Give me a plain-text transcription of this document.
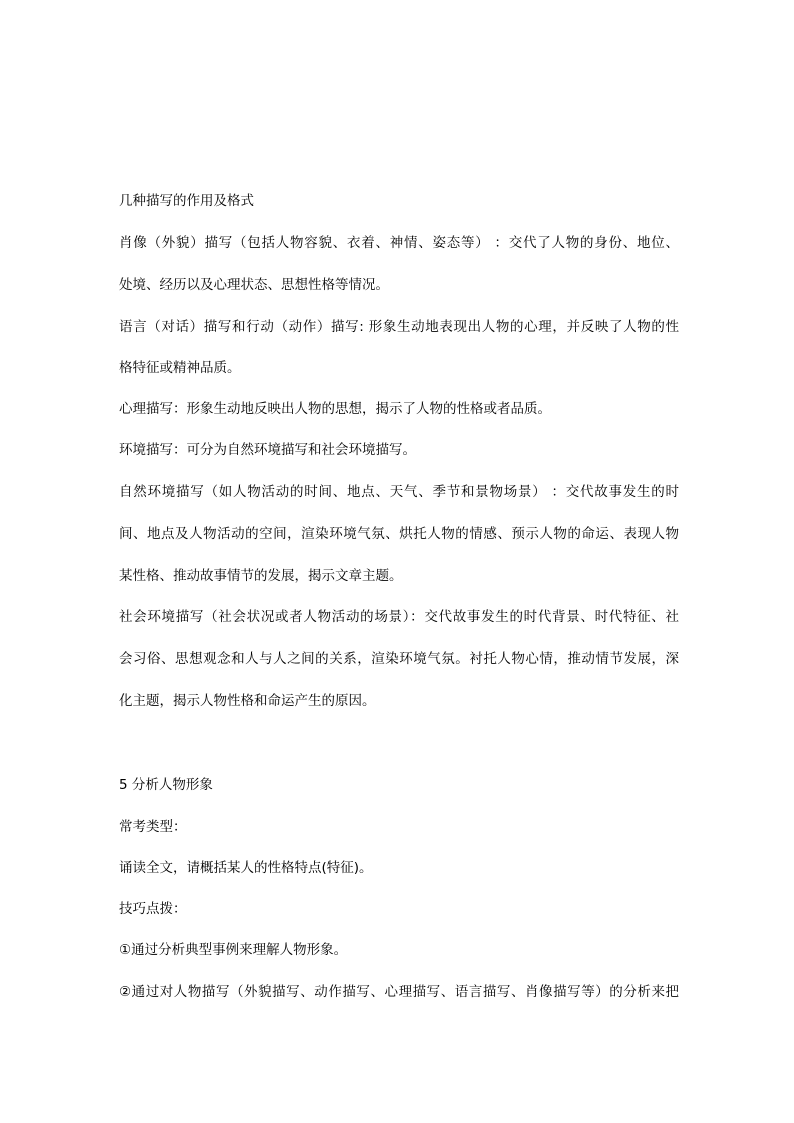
几种描写的作用及格式
肖像（外貌）描写（包括人物容貌、衣着、神情、姿态等） ：交代了人物的身份、地位、
处境、经历以及心理状态、思想性格等情况。
语言（对话）描写和行动（动作）描写: 形象生动地表现出人物的心理，并反映了人物的性
格特征或精神品质。
心理描写：形象生动地反映出人物的思想，揭示了人物的性格或者品质。
环境描写：可分为自然环境描写和社会环境描写。
自然环境描写（如人物活动的时间、地点、天气、季节和景物场景） ：交代故事发生的时
间、地点及人物活动的空间，渲染环境气氛、烘托人物的情感、预示人物的命运、表现人物
某性格、推动故事情节的发展，揭示文章主题。
社会环境描写（社会状况或者人物活动的场景）：交代故事发生的时代背景、时代特征、社
会习俗、思想观念和人与人之间的关系，渲染环境气氛。衬托人物心情，推动情节发展，深
化主题，揭示人物性格和命运产生的原因。
5 分析人物形象
常考类型：
诵读全文，请概括某人的性格特点(特征)。
技巧点拨：
①通过分析典型事例来理解人物形象。
②通过对人物描写（外貌描写、动作描写、心理描写、语言描写、肖像描写等）的分析来把
